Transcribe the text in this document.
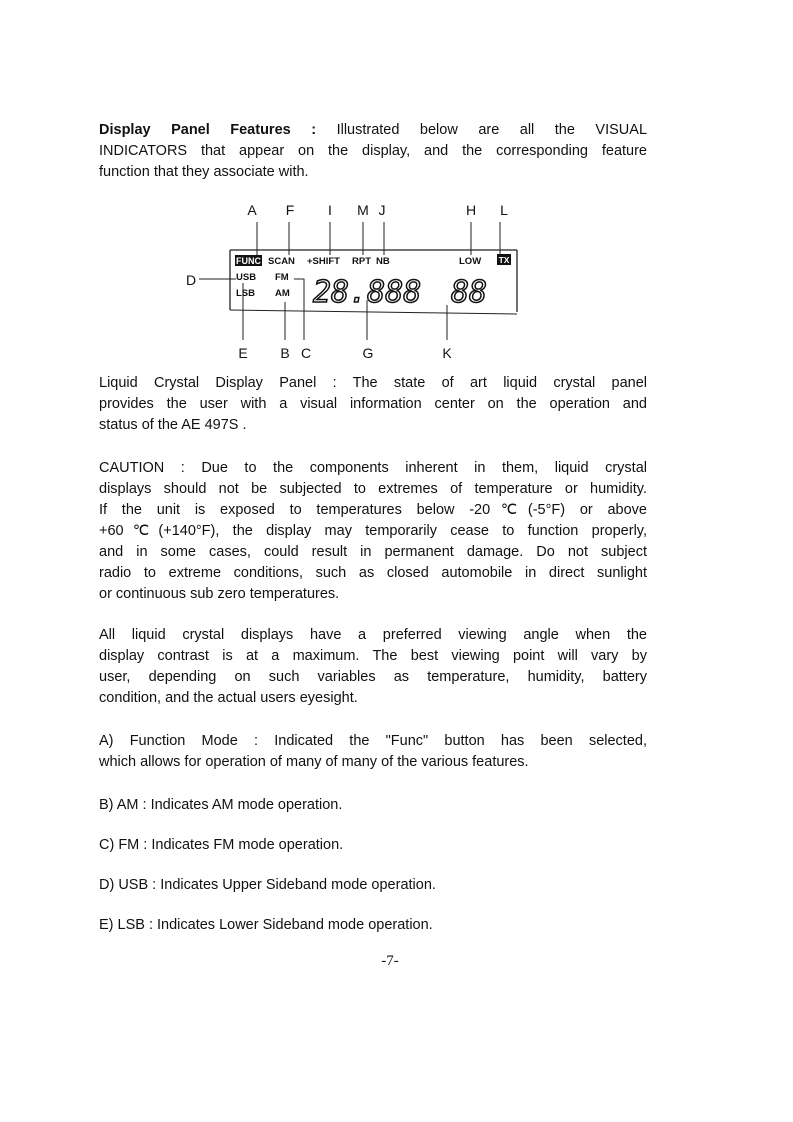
Display Panel Features : Illustrated below are all the VISUAL
INDICATORS that appear on the display, and the corresponding feature
function that they associate with.
A F I M J	H L
D
E B C	G	K
FUNC SCAN +SHIFT RPT NB	LOW
USB
LSB
FM
AM
TX
28.888 88
Liquid Crystal Display Panel : The state of art liquid crystal panel
provides the user with a visual information center on the operation and
status of the AE 497S .
CAUTION : Due to the components inherent in them, liquid crystal
displays should not be subjected to extremes of temperature or humidity.
If the unit is exposed to temperatures below -20℃(-5°F) or above
+60℃(+140°F), the display may temporarily cease to function properly,
and in some cases, could result in permanent damage. Do not subject
radio to extreme conditions, such as closed automobile in direct sunlight
or continuous sub zero temperatures.
All liquid crystal displays have a preferred viewing angle when the
display contrast is at a maximum. The best viewing point will vary by
user, depending on such variables as temperature, humidity, battery
condition, and the actual users eyesight.
A) Function Mode : Indicated the "Func" button has been selected,
which allows for operation of many of many of the various features.

B) AM : Indicates AM mode operation.

C) FM : Indicates FM mode operation.

D) USB : Indicates Upper Sideband mode operation.

E) LSB : Indicates Lower Sideband mode operation.

-7-
